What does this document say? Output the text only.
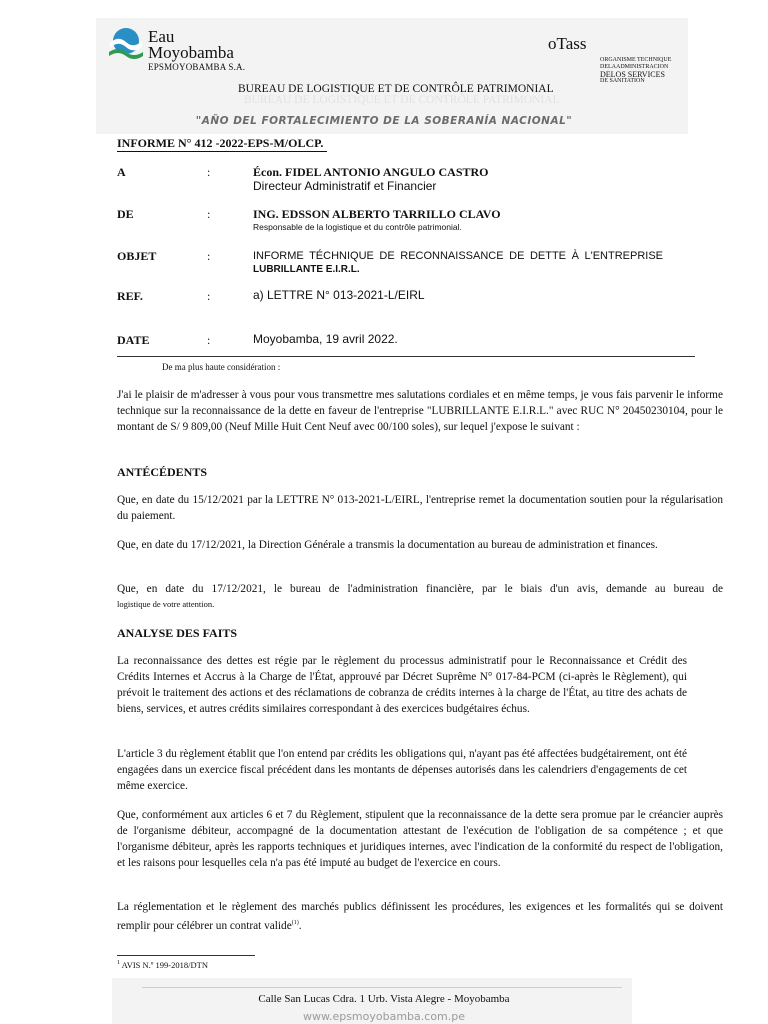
Eau
Moyobamba
EPSMOYOBAMBA S.A.
oTass
ORGANISME TECHNIQUE
DELAADMINISTRACION
DELOS SERVICES
DE SANITATION
BUREAU DE LOGISTIQUE ET DE CONTRÔLE PATRIMONIAL
BUREAU DE LOGISTIQUE ET DE CONTRÔLE PATRIMONIAL
"AÑO DEL FORTALECIMIENTO DE LA SOBERANÍA NACIONAL"
INFORME N° 412 -2022-EPS-M/OLCP.
A	:	Écon. FIDEL ANTONIO ANGULO CASTRO
Directeur Administratif et Financier
DE	:	ING. EDSSON ALBERTO TARRILLO CLAVO
Responsable de la logistique et du contrôle patrimonial.
OBJET	:	INFORME TÉCHNIQUE DE RECONNAISSANCE DE DETTE À L'ENTREPRISE
LUBRILLANTE E.I.R.L.
REF.	:	a) LETTRE N° 013-2021-L/EIRL
DATE	:	Moyobamba, 19 avril 2022.
De ma plus haute considération :
J'ai le plaisir de m'adresser à vous pour vous transmettre mes salutations cordiales et en même temps, je vous fais parvenir le informe technique sur la reconnaissance de la dette en faveur de l'entreprise "LUBRILLANTE E.I.R.L." avec RUC N° 20450230104, pour le montant de S/ 9 809,00 (Neuf Mille Huit Cent Neuf avec 00/100 soles), sur lequel j'expose le suivant :
ANTÉCÉDENTS
Que, en date du 15/12/2021 par la LETTRE N° 013-2021-L/EIRL, l'entreprise remet la documentation soutien pour la régularisation du paiement.
Que, en date du 17/12/2021, la Direction Générale a transmis la documentation au bureau de administration et finances.
Que, en date du 17/12/2021, le bureau de l'administration financière, par le biais d'un avis, demande au bureau de
logistique de votre attention.
ANALYSE DES FAITS
La reconnaissance des dettes est régie par le règlement du processus administratif pour le Reconnaissance et Crédit des Crédits Internes et Accrus à la Charge de l'État, approuvé par Décret Suprême N° 017-84-PCM (ci-après le Règlement), qui prévoit le traitement des actions et des réclamations de cobranza de crédits internes à la charge de l'État, au titre des achats de biens, services, et autres crédits similaires correspondant à des exercices budgétaires échus.
L'article 3 du règlement établit que l'on entend par crédits les obligations qui, n'ayant pas été affectées budgétairement, ont été engagées dans un exercice fiscal précédent dans les montants de dépenses autorisés dans les calendriers d'engagements de cet même exercice.
Que, conformément aux articles 6 et 7 du Règlement, stipulent que la reconnaissance de la dette sera promue par le créancier auprès de l'organisme débiteur, accompagné de la documentation attestant de l'exécution de l'obligation de sa compétence ; et que l'organisme débiteur, après les rapports techniques et juridiques internes, avec l'indication de la conformité du respect de l'obligation, et les raisons pour lesquelles cela n'a pas été imputé au budget de l'exercice en cours.
La réglementation et le règlement des marchés publics définissent les procédures, les exigences et les formalités qui se doivent remplir pour célébrer un contrat valide$^{(1)}$.
$^1$ AVIS N.º 199-2018/DTN
Calle San Lucas Cdra. 1 Urb. Vista Alegre - Moyobamba
www.epsmoyobamba.com.pe
